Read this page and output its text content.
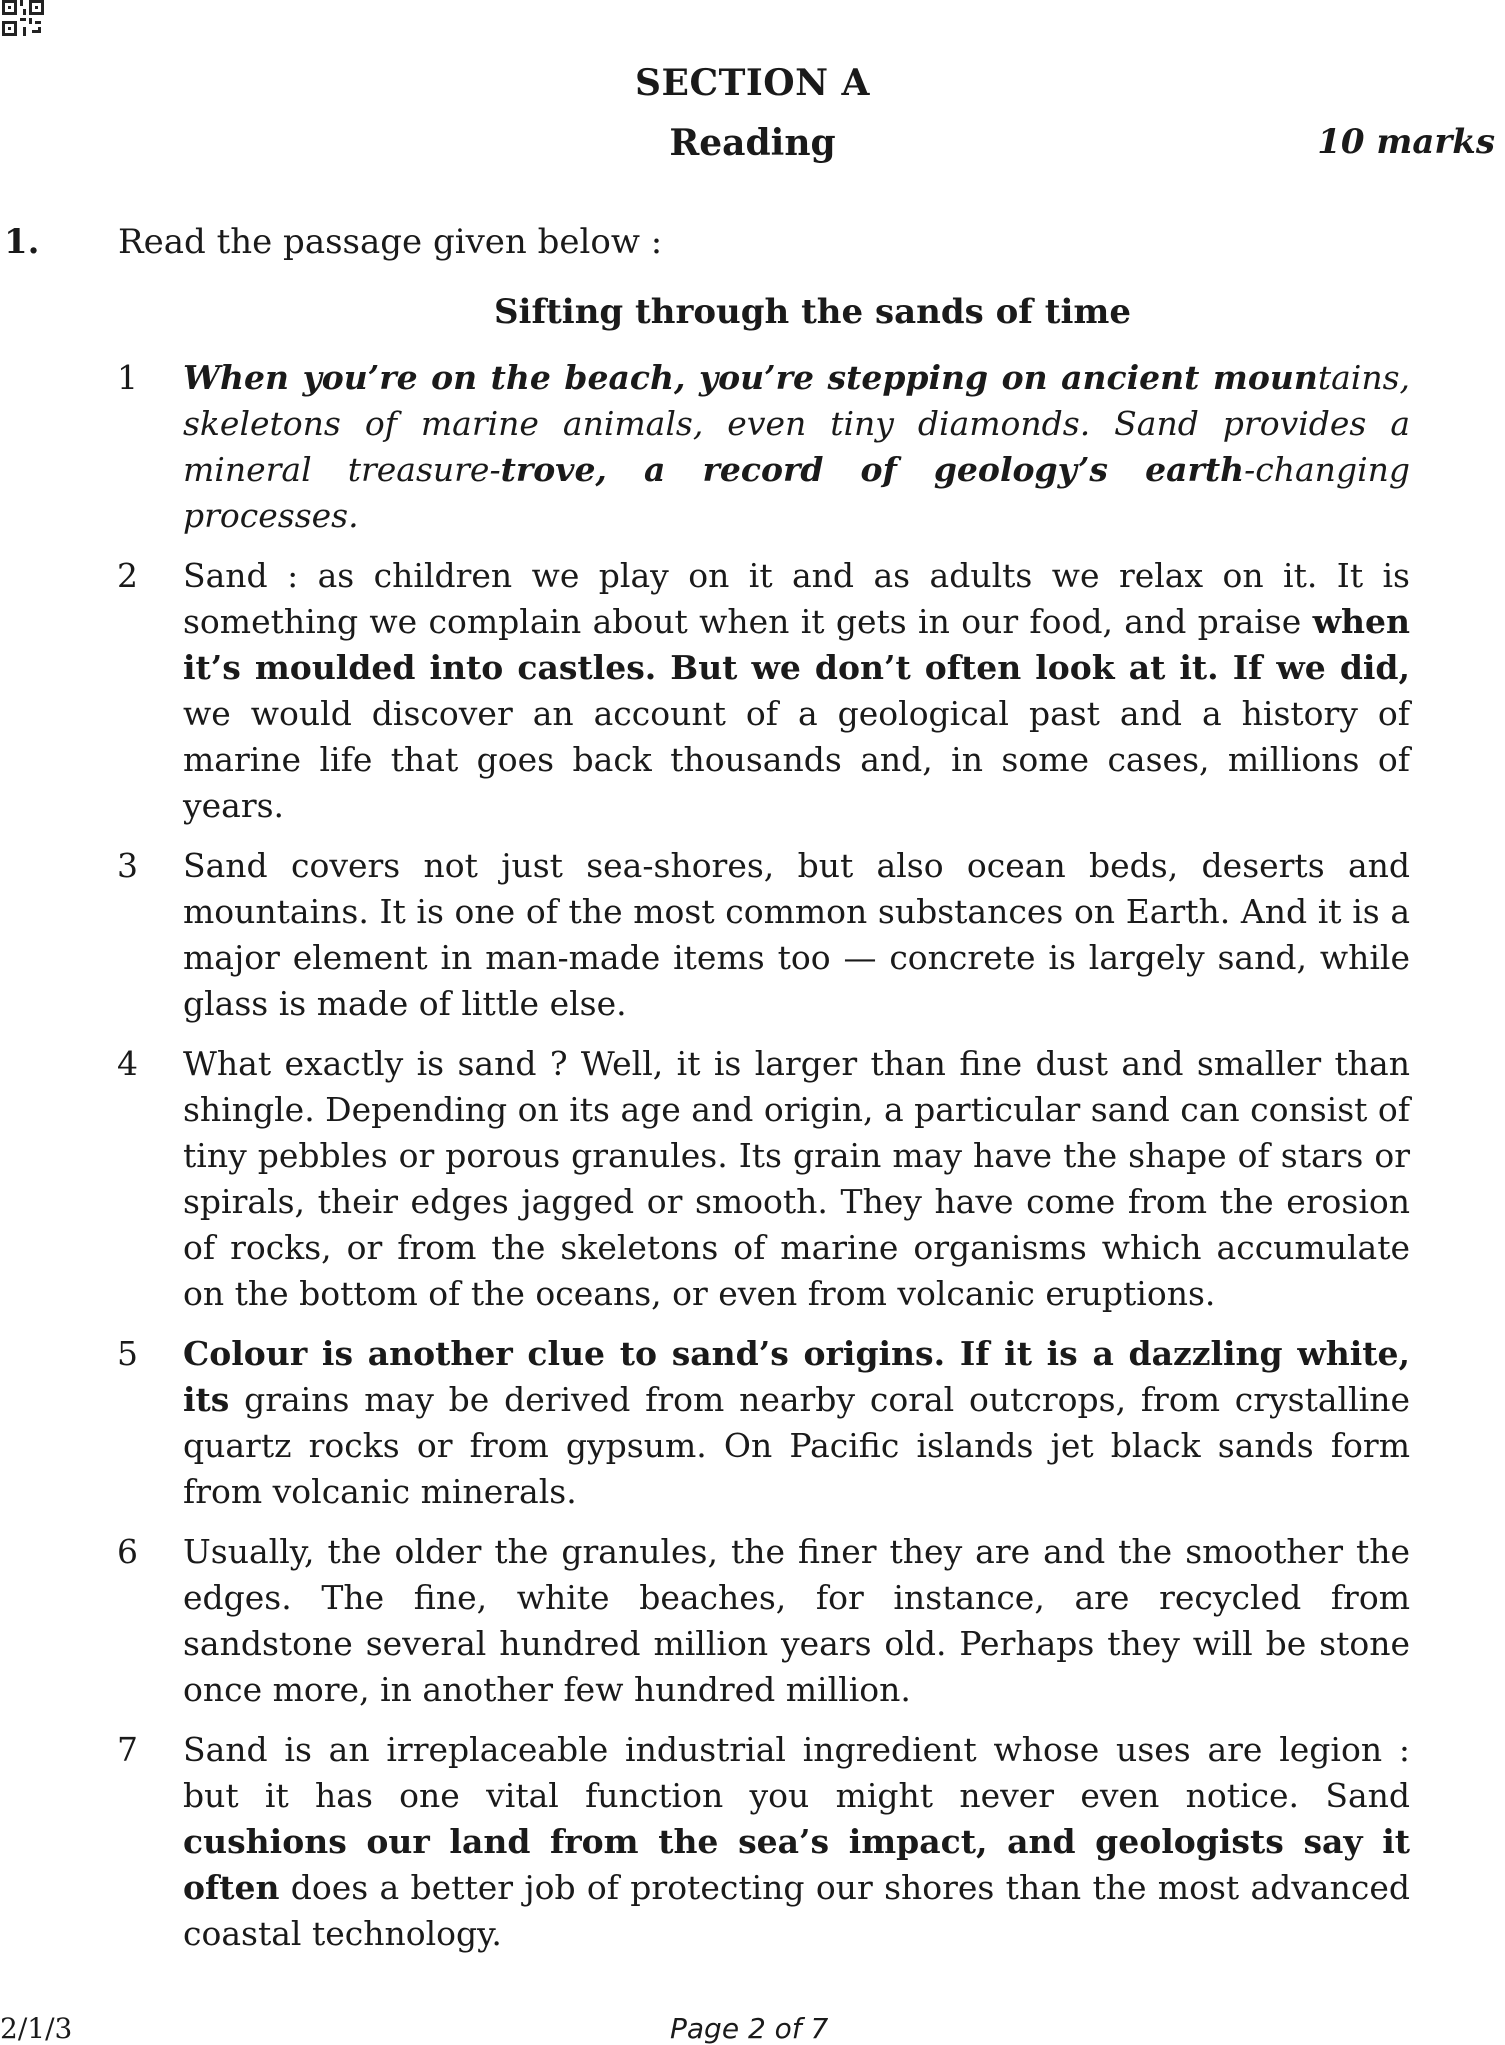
SECTION A
Reading	10 marks
1. Read the passage given below :
Sifting through the sands of time
1 When you’re on the beach, you’re stepping on ancient mountains, skeletons of marine animals, even tiny diamonds. Sand provides a mineral treasure-trove, a record of geology’s earth-changing processes.
2 Sand : as children we play on it and as adults we relax on it. It is something we complain about when it gets in our food, and praise when it’s moulded into castles. But we don’t often look at it. If we did, we would discover an account of a geological past and a history of marine life that goes back thousands and, in some cases, millions of years.
3 Sand covers not just sea-shores, but also ocean beds, deserts and mountains. It is one of the most common substances on Earth. And it is a major element in man-made items too — concrete is largely sand, while glass is made of little else.
4 What exactly is sand ? Well, it is larger than fine dust and smaller than shingle. Depending on its age and origin, a particular sand can consist of tiny pebbles or porous granules. Its grain may have the shape of stars or spirals, their edges jagged or smooth. They have come from the erosion of rocks, or from the skeletons of marine organisms which accumulate on the bottom of the oceans, or even from volcanic eruptions.
5 Colour is another clue to sand’s origins. If it is a dazzling white, its grains may be derived from nearby coral outcrops, from crystalline quartz rocks or from gypsum. On Pacific islands jet black sands form from volcanic minerals.
6 Usually, the older the granules, the finer they are and the smoother the edges. The fine, white beaches, for instance, are recycled from sandstone several hundred million years old. Perhaps they will be stone once more, in another few hundred million.
7 Sand is an irreplaceable industrial ingredient whose uses are legion : but it has one vital function you might never even notice. Sand cushions our land from the sea’s impact, and geologists say it often does a better job of protecting our shores than the most advanced coastal technology.
2/1/3	Page 2 of 7
